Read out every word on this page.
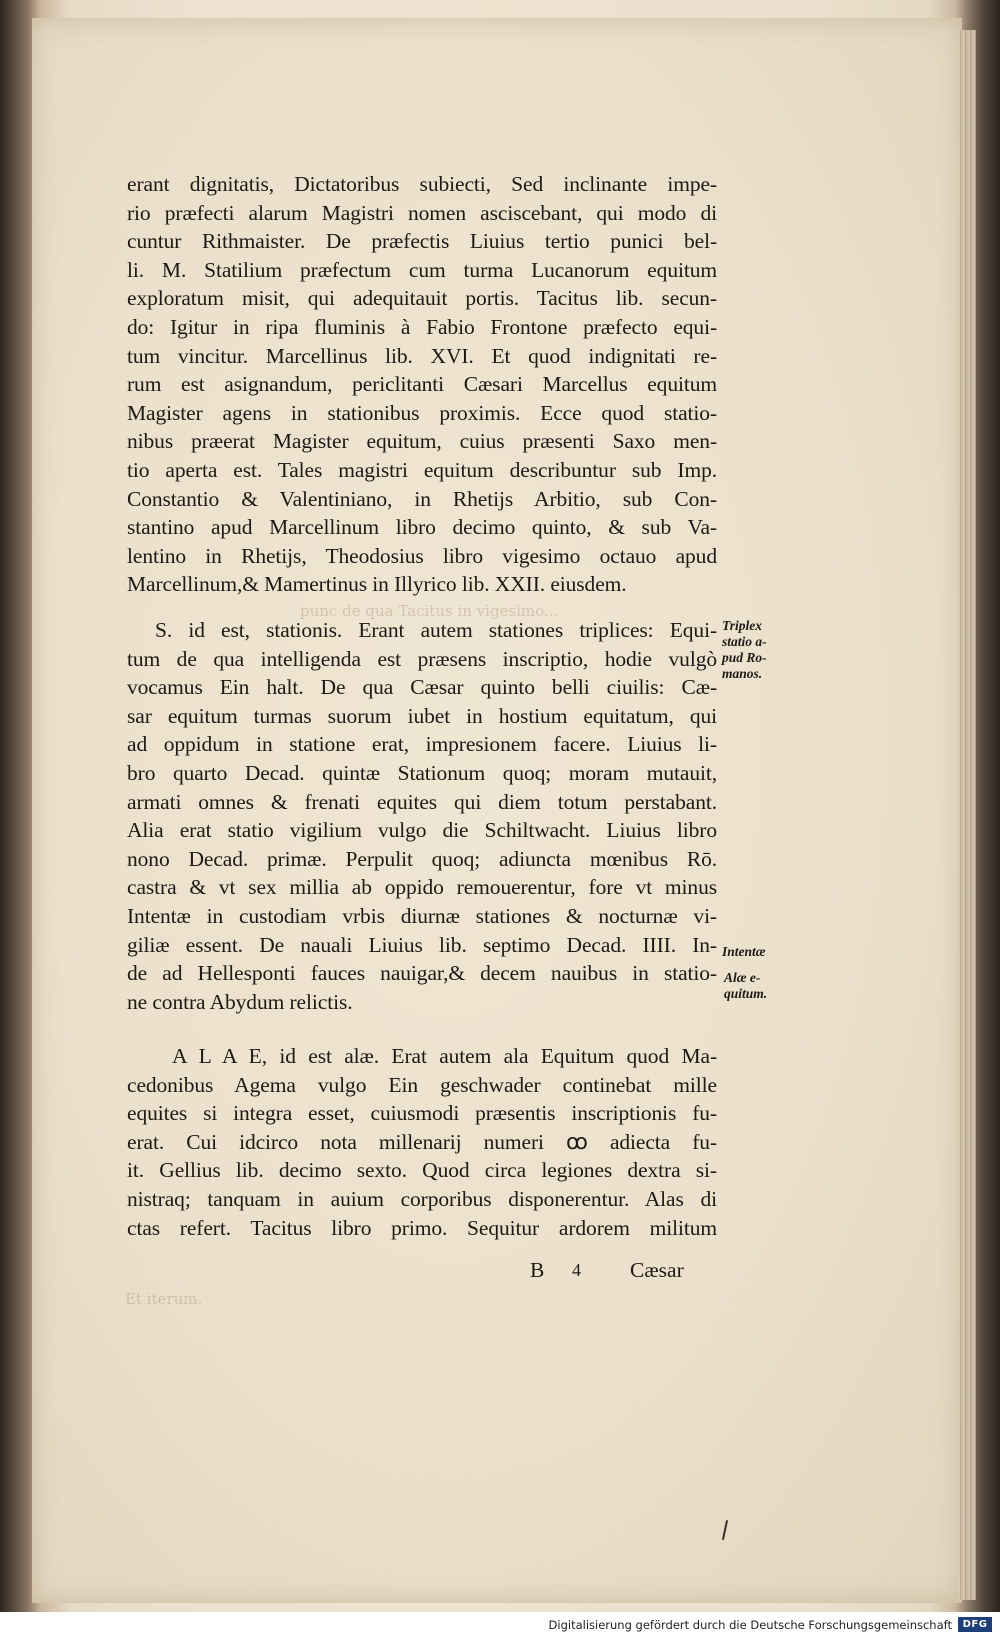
punc de qua Tacitus in vigesimo...
Et iterum.
erant dignitatis, Dictatoribus subiecti, Sed inclinante impe-
rio præfecti alarum Magistri nomen asciscebant, qui modo di
cuntur Rithmaister. De præfectis Liuius tertio punici bel-
li. M. Statilium præfectum cum turma Lucanorum equitum
exploratum misit, qui adequitauit portis. Tacitus lib. secun-
do: Igitur in ripa fluminis à Fabio Frontone præfecto equi-
tum vincitur. Marcellinus lib. XVI. Et quod indignitati re-
rum est asignandum, periclitanti Cæsari Marcellus equitum
Magister agens in stationibus proximis. Ecce quod statio-
nibus præerat Magister equitum, cuius præsenti Saxo men-
tio aperta est. Tales magistri equitum describuntur sub Imp.
Constantio & Valentiniano, in Rhetijs Arbitio, sub Con-
stantino apud Marcellinum libro decimo quinto, & sub Va-
lentino in Rhetijs, Theodosius libro vigesimo octauo apud
Marcellinum,& Mamertinus in Illyrico lib. XXII. eiusdem.
S. id est, stationis. Erant autem stationes triplices: Equi-
tum de qua intelligenda est præsens inscriptio, hodie vulgò
vocamus Ein halt. De qua Cæsar quinto belli ciuilis: Cæ-
sar equitum turmas suorum iubet in hostium equitatum, qui
ad oppidum in statione erat, impresionem facere. Liuius li-
bro quarto Decad. quintæ Stationum quoq; moram mutauit,
armati omnes & frenati equites qui diem totum perstabant.
Alia erat statio vigilium vulgo die Schiltwacht. Liuius libro
nono Decad. primæ. Perpulit quoq; adiuncta mœnibus Rō.
castra & vt sex millia ab oppido remouerentur, fore vt minus
Intentæ in custodiam vrbis diurnæ stationes & nocturnæ vi-
giliæ essent. De nauali Liuius lib. septimo Decad. IIII. In-
de ad Hellesponti fauces nauigar,& decem nauibus in statio-
ne contra Abydum relictis.
A L A E, id est alæ. Erat autem ala Equitum quod Ma-
cedonibus Agema vulgo Ein geschwader continebat mille
equites si integra esset, cuiusmodi præsentis inscriptionis fu-
erat. Cui idcirco nota millenarij numeri ꝏ adiecta fu-
it. Gellius lib. decimo sexto. Quod circa legiones dextra si-
nistraq; tanquam in auium corporibus disponerentur. Alas di
ctas refert. Tacitus libro primo. Sequitur ardorem militum
B 4 Cæsar
Triplex
statio a-
pud Ro-
manos.
Intentæ
Alæ e-
quitum.
Digitalisierung gefördert durch die Deutsche Forschungsgemeinschaft	DFG
